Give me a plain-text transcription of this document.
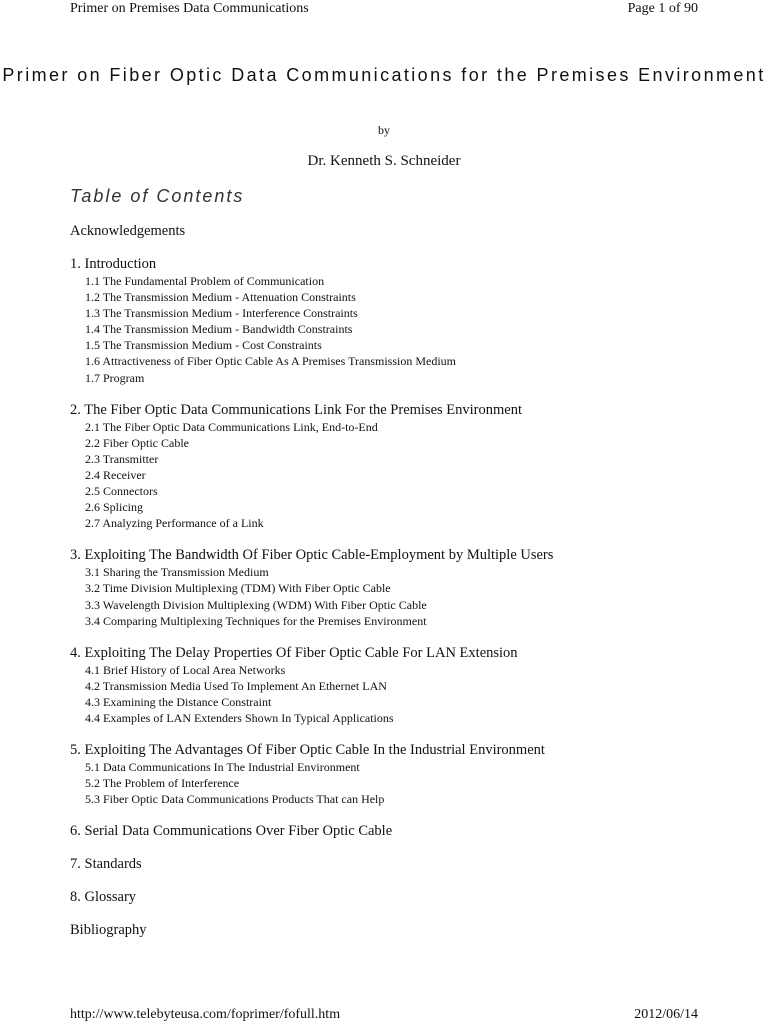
Primer on Premises Data Communications	Page 1 of 90
Primer on Fiber Optic Data Communications for the Premises Environment
by
Dr. Kenneth S. Schneider
Table of Contents
Acknowledgements
1. Introduction
1.1 The Fundamental Problem of Communication
1.2 The Transmission Medium - Attenuation Constraints
1.3 The Transmission Medium - Interference Constraints
1.4 The Transmission Medium - Bandwidth Constraints
1.5 The Transmission Medium - Cost Constraints
1.6 Attractiveness of Fiber Optic Cable As A Premises Transmission Medium
1.7 Program
2. The Fiber Optic Data Communications Link For the Premises Environment
2.1 The Fiber Optic Data Communications Link, End-to-End
2.2 Fiber Optic Cable
2.3 Transmitter
2.4 Receiver
2.5 Connectors
2.6 Splicing
2.7 Analyzing Performance of a Link
3. Exploiting The Bandwidth Of Fiber Optic Cable-Employment by Multiple Users
3.1 Sharing the Transmission Medium
3.2 Time Division Multiplexing (TDM) With Fiber Optic Cable
3.3 Wavelength Division Multiplexing (WDM) With Fiber Optic Cable
3.4 Comparing Multiplexing Techniques for the Premises Environment
4. Exploiting The Delay Properties Of Fiber Optic Cable For LAN Extension
4.1 Brief History of Local Area Networks
4.2 Transmission Media Used To Implement An Ethernet LAN
4.3 Examining the Distance Constraint
4.4 Examples of LAN Extenders Shown In Typical Applications
5. Exploiting The Advantages Of Fiber Optic Cable In the Industrial Environment
5.1 Data Communications In The Industrial Environment
5.2 The Problem of Interference
5.3 Fiber Optic Data Communications Products That can Help
6. Serial Data Communications Over Fiber Optic Cable
7. Standards
8. Glossary
Bibliography
http://www.telebyteusa.com/foprimer/fofull.htm	2012/06/14
